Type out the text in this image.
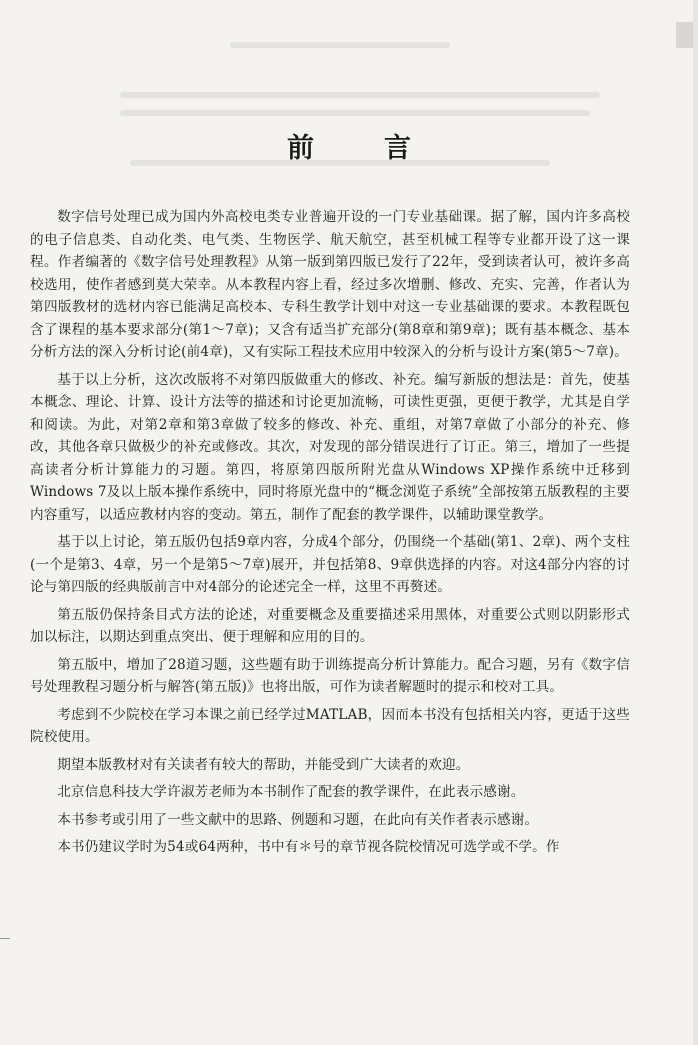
前言

数字信号处理已成为国内外高校电类专业普遍开设的一门专业基础课。据了解，国内许多高校的电子信息类、自动化类、电气类、生物医学、航天航空，甚至机械工程等专业都开设了这一课程。作者编著的《数字信号处理教程》从第一版到第四版已发行了22年，受到读者认可，被许多高校选用，使作者感到莫大荣幸。从本教程内容上看，经过多次增删、修改、充实、完善，作者认为第四版教材的选材内容已能满足高校本、专科生教学计划中对这一专业基础课的要求。本教程既包含了课程的基本要求部分(第1～7章)；又含有适当扩充部分(第8章和第9章)；既有基本概念、基本分析方法的深入分析讨论(前4章)，又有实际工程技术应用中较深入的分析与设计方案(第5～7章)。

基于以上分析，这次改版将不对第四版做重大的修改、补充。编写新版的想法是：首先，使基本概念、理论、计算、设计方法等的描述和讨论更加流畅，可读性更强，更便于教学，尤其是自学和阅读。为此，对第2章和第3章做了较多的修改、补充、重组，对第7章做了小部分的补充、修改，其他各章只做极少的补充或修改。其次，对发现的部分错误进行了订正。第三，增加了一些提高读者分析计算能力的习题。第四，将原第四版所附光盘从Windows XP操作系统中迁移到Windows 7及以上版本操作系统中，同时将原光盘中的“概念浏览子系统”全部按第五版教程的主要内容重写，以适应教材内容的变动。第五，制作了配套的教学课件，以辅助课堂教学。

基于以上讨论，第五版仍包括9章内容，分成4个部分，仍围绕一个基础(第1、2章)、两个支柱(一个是第3、4章，另一个是第5～7章)展开，并包括第8、9章供选择的内容。对这4部分内容的讨论与第四版的经典版前言中对4部分的论述完全一样，这里不再赘述。

第五版仍保持条目式方法的论述，对重要概念及重要描述采用黑体，对重要公式则以阴影形式加以标注，以期达到重点突出、便于理解和应用的目的。

第五版中，增加了28道习题，这些题有助于训练提高分析计算能力。配合习题，另有《数字信号处理教程习题分析与解答(第五版)》也将出版，可作为读者解题时的提示和校对工具。

考虑到不少院校在学习本课之前已经学过MATLAB，因而本书没有包括相关内容，更适于这些院校使用。

期望本版教材对有关读者有较大的帮助，并能受到广大读者的欢迎。

北京信息科技大学许淑芳老师为本书制作了配套的教学课件，在此表示感谢。

本书参考或引用了一些文献中的思路、例题和习题，在此向有关作者表示感谢。

本书仍建议学时为54或64两种，书中有＊号的章节视各院校情况可选学或不学。作
